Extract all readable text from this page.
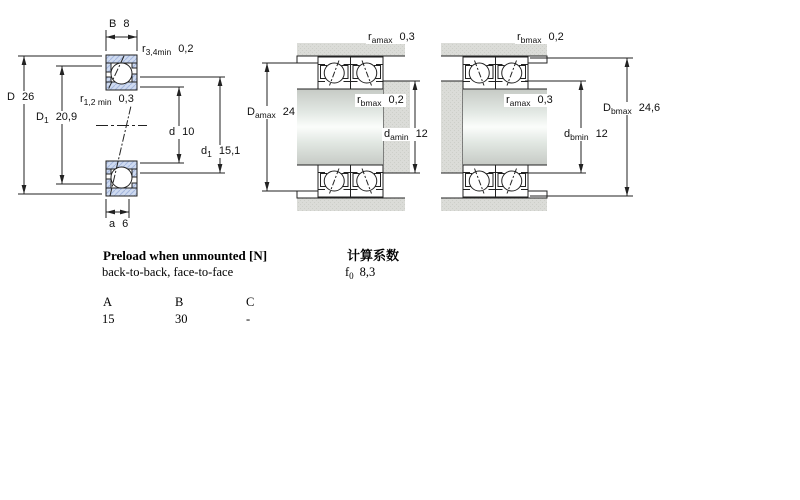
B 8
$r_{3,4min}$ 0,2
D 26
$D_1$ 20,9
$r_{1,2 min}$ 0,3
d 10
$d_1$ 15,1
a 6
$r_{amax}$ 0,3
$D_{amax}$ 24
$r_{bmax}$ 0,2
$d_{amin}$ 12
$r_{bmax}$ 0,2
$r_{amax}$ 0,3
$D_{bmax}$ 24,6
$d_{bmin}$ 12
Preload when unmounted [N]
back-to-back, face-to-face
计算系数
$f_0$ 8,3
A	B	C
15	30	-
